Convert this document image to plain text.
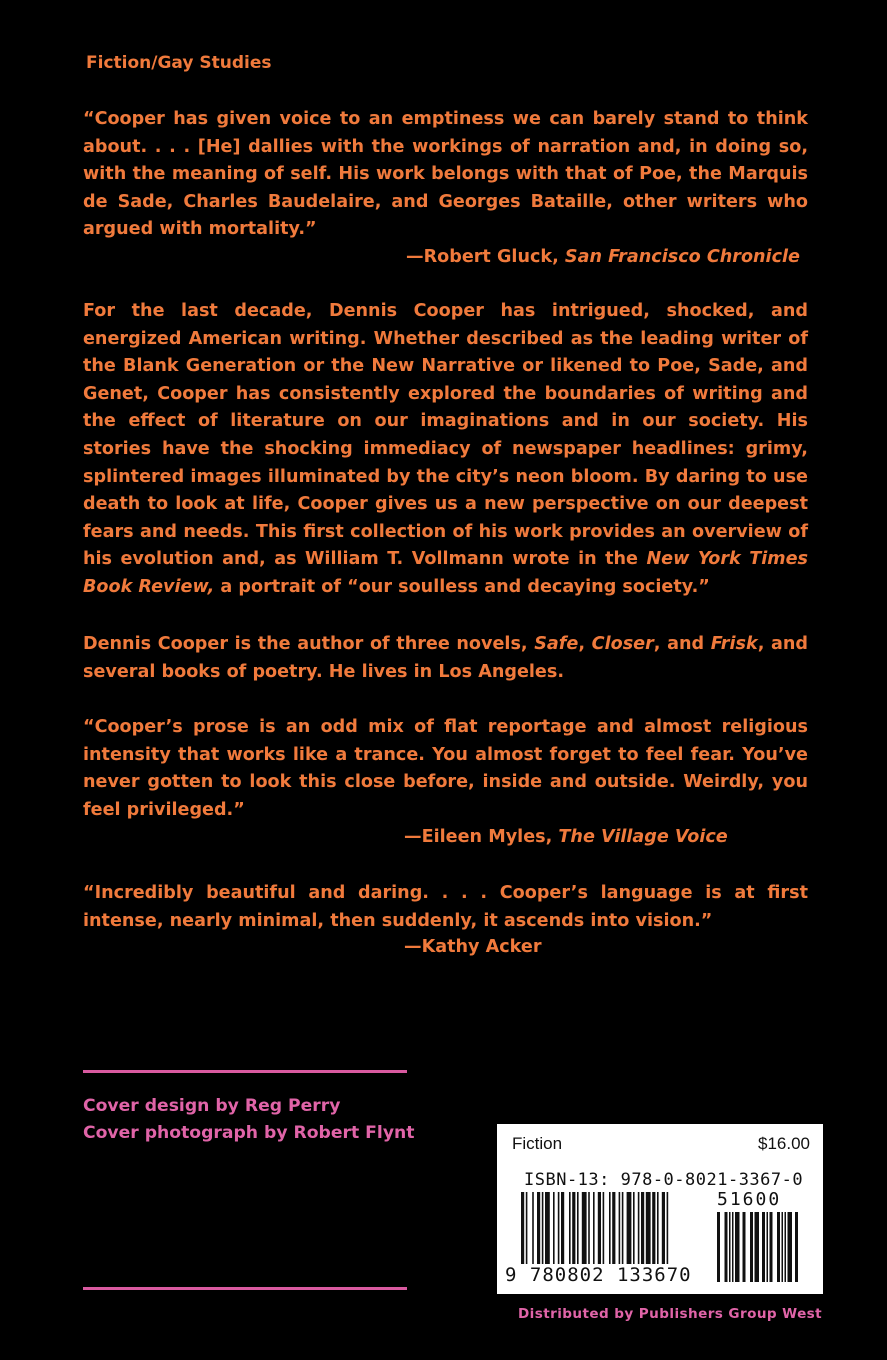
Fiction/Gay Studies
“Cooper has given voice to an emptiness we can barely stand to think about. . . . [He] dallies with the workings of narration and, in doing so, with the meaning of self. His work belongs with that of Poe, the Marquis de Sade, Charles Baudelaire, and Georges Bataille, other writers who argued with mortality.”
—Robert Gluck, San Francisco Chronicle
For the last decade, Dennis Cooper has intrigued, shocked, and energized American writing. Whether described as the leading writer of the Blank Generation or the New Narrative or likened to Poe, Sade, and Genet, Cooper has consistently explored the boundaries of writing and the effect of literature on our imaginations and in our society. His stories have the shocking immediacy of newspaper headlines: grimy, splintered images illuminated by the city’s neon bloom. By daring to use death to look at life, Cooper gives us a new perspective on our deepest fears and needs. This first collection of his work provides an overview of his evolution and, as William T. Vollmann wrote in the New York Times Book Review, a portrait of “our soulless and decaying society.”
Dennis Cooper is the author of three novels, Safe, Closer, and Frisk, and several books of poetry. He lives in Los Angeles.
“Cooper’s prose is an odd mix of flat reportage and almost religious intensity that works like a trance. You almost forget to feel fear. You’ve never gotten to look this close before, inside and outside. Weirdly, you feel privileged.”
—Eileen Myles, The Village Voice
“Incredibly beautiful and daring. . . . Cooper’s language is at first intense, nearly minimal, then suddenly, it ascends into vision.”
—Kathy Acker
Cover design by Reg Perry
Cover photograph by Robert Flynt
Fiction	$16.00
ISBN-13: 978-0-8021-3367-0
51600
9 780802 133670
Distributed by Publishers Group West
